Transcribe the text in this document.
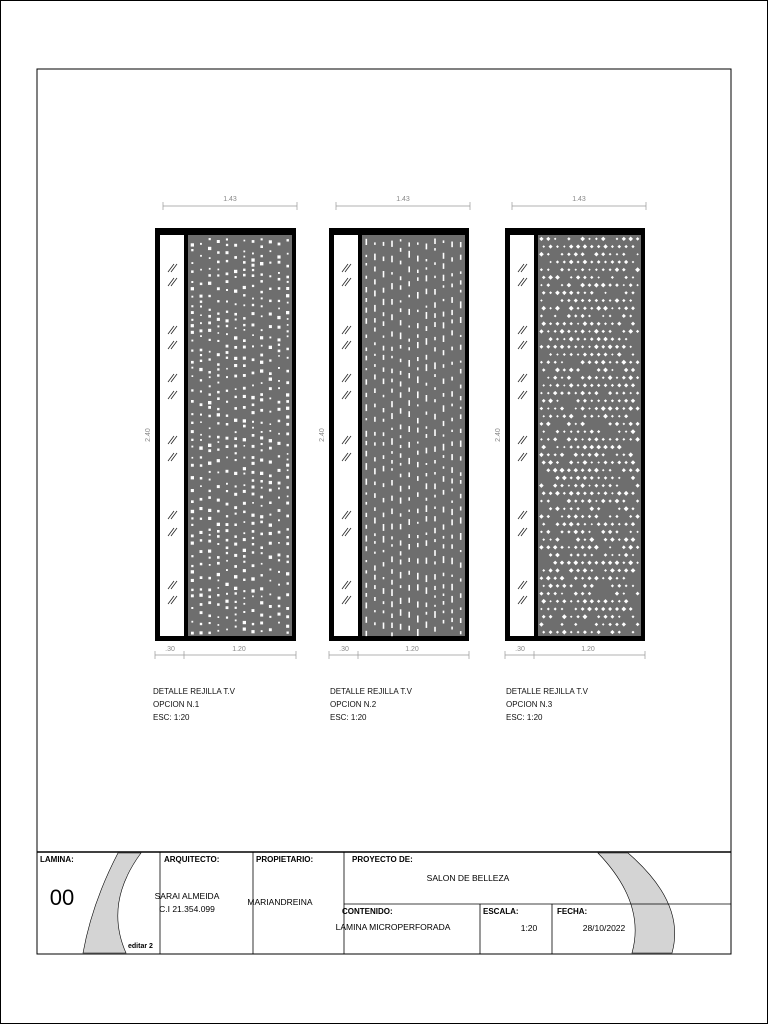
1.43
2.40
.30	1.20
DETALLE REJILLA T.V
OPCION N.1
ESC: 1:20
1.43
2.40
.30	1.20
DETALLE REJILLA T.V
OPCION N.2
ESC: 1:20
1.43
2.40
.30	1.20
DETALLE REJILLA T.V
OPCION N.3
ESC: 1:20
LAMINA:
00
editar 2
ARQUITECTO:
SARAI ALMEIDA
C.I 21.354.099
PROPIETARIO:
MARIANDREINA
PROYECTO DE:
SALON DE BELLEZA
CONTENIDO:
LAMINA MICROPERFORADA
ESCALA:
1:20
FECHA:
28/10/2022
